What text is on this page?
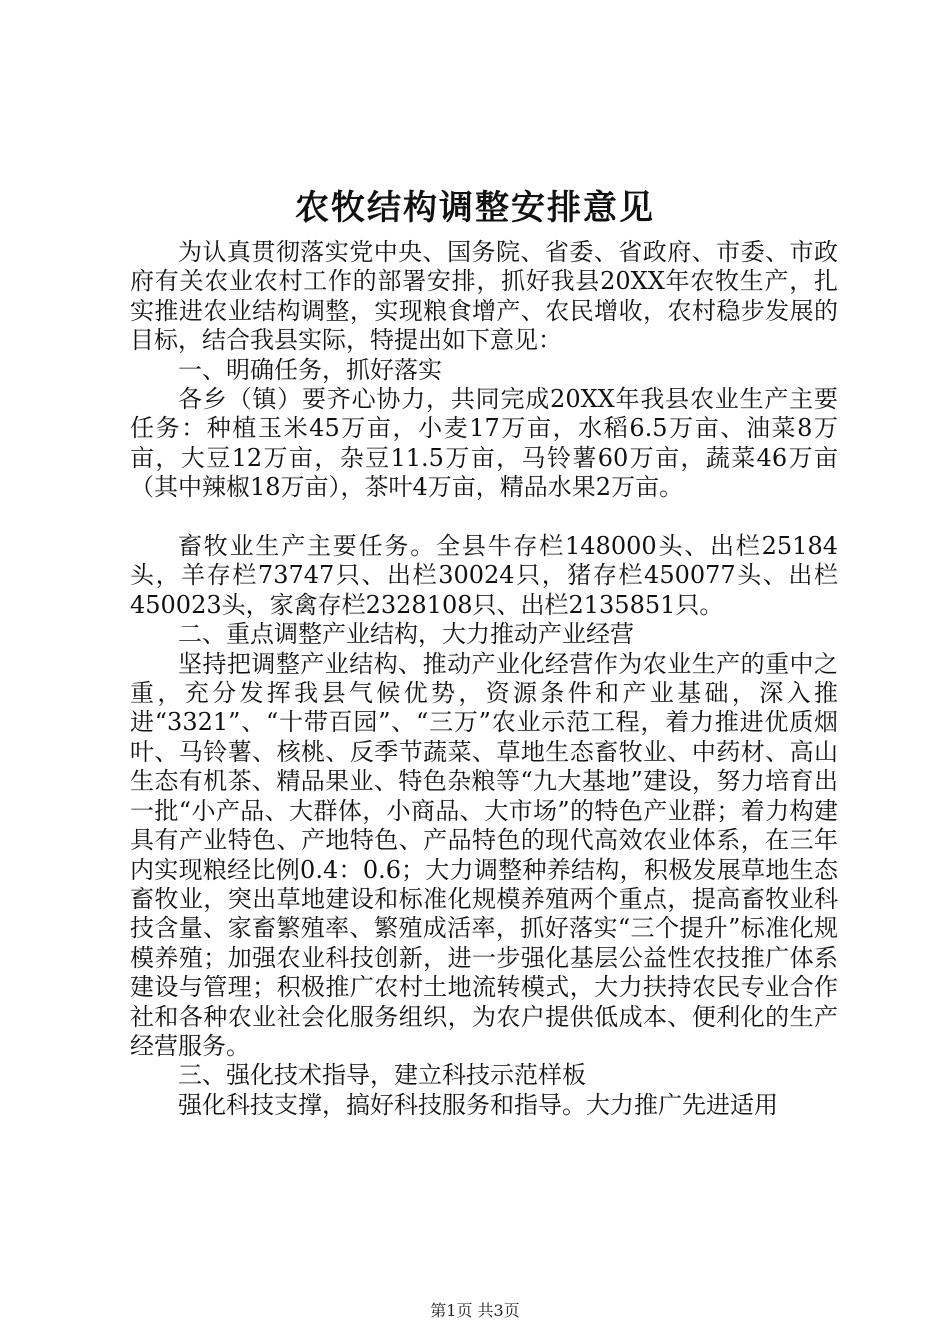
农牧结构调整安排意见

为认真贯彻落实党中央、国务院、省委、省政府、市委、市政府有关农业农村工作的部署安排，抓好我县20XX年农牧生产，扎实推进农业结构调整，实现粮食增产、农民增收，农村稳步发展的目标，结合我县实际，特提出如下意见：

一、明确任务，抓好落实

各乡（镇）要齐心协力，共同完成20XX年我县农业生产主要任务：种植玉米45万亩，小麦17万亩，水稻6.5万亩、油菜8万亩，大豆12万亩，杂豆11.5万亩，马铃薯60万亩，蔬菜46万亩（其中辣椒18万亩），茶叶4万亩，精品水果2万亩。

畜牧业生产主要任务。全县牛存栏148000头、出栏25184头，羊存栏73747只、出栏30024只，猪存栏450077头、出栏450023头，家禽存栏2328108只、出栏2135851只。

二、重点调整产业结构，大力推动产业经营

坚持把调整产业结构、推动产业化经营作为农业生产的重中之重，充分发挥我县气候优势，资源条件和产业基础，深入推进“3321”、“十带百园”、“三万”农业示范工程，着力推进优质烟叶、马铃薯、核桃、反季节蔬菜、草地生态畜牧业、中药材、高山生态有机茶、精品果业、特色杂粮等“九大基地”建设，努力培育出一批“小产品、大群体，小商品、大市场”的特色产业群；着力构建具有产业特色、产地特色、产品特色的现代高效农业体系，在三年内实现粮经比例0.4：0.6；大力调整种养结构，积极发展草地生态畜牧业，突出草地建设和标准化规模养殖两个重点，提高畜牧业科技含量、家畜繁殖率、繁殖成活率，抓好落实“三个提升”标准化规模养殖；加强农业科技创新，进一步强化基层公益性农技推广体系建设与管理；积极推广农村土地流转模式，大力扶持农民专业合作社和各种农业社会化服务组织，为农户提供低成本、便利化的生产经营服务。

三、强化技术指导，建立科技示范样板

强化科技支撑，搞好科技服务和指导。大力推广先进适用

第1页 共3页
